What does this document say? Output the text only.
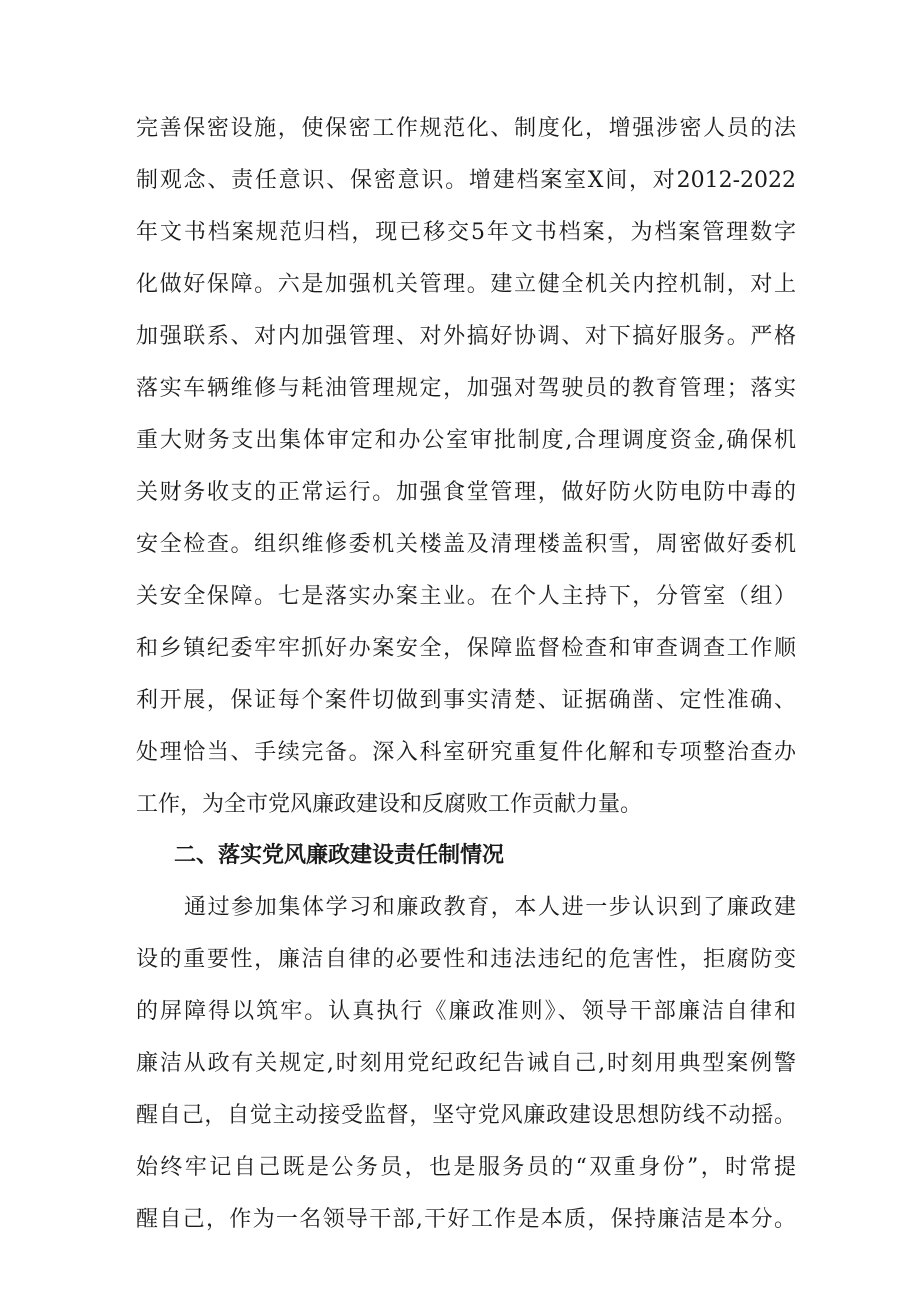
完善保密设施，使保密工作规范化、制度化，增强涉密人员的法

制观念、责任意识、保密意识。增建档案室X间，对2012-2022

年文书档案规范归档，现已移交5年文书档案，为档案管理数字

化做好保障。六是加强机关管理。建立健全机关内控机制，对上

加强联系、对内加强管理、对外搞好协调、对下搞好服务。严格

落实车辆维修与耗油管理规定，加强对驾驶员的教育管理；落实

重大财务支出集体审定和办公室审批制度,合理调度资金,确保机

关财务收支的正常运行。加强食堂管理，做好防火防电防中毒的

安全检查。组织维修委机关楼盖及清理楼盖积雪，周密做好委机

关安全保障。七是落实办案主业。在个人主持下，分管室（组）

和乡镇纪委牢牢抓好办案安全，保障监督检查和审查调查工作顺

利开展，保证每个案件切做到事实清楚、证据确凿、定性准确、

处理恰当、手续完备。深入科室研究重复件化解和专项整治查办

工作，为全市党风廉政建设和反腐败工作贡献力量。

二、落实党风廉政建设责任制情况

通过参加集体学习和廉政教育，本人进一步认识到了廉政建

设的重要性，廉洁自律的必要性和违法违纪的危害性，拒腐防变

的屏障得以筑牢。认真执行《廉政准则》、领导干部廉洁自律和

廉洁从政有关规定,时刻用党纪政纪告诫自己,时刻用典型案例警

醒自己，自觉主动接受监督，坚守党风廉政建设思想防线不动摇。

始终牢记自己既是公务员，也是服务员的“双重身份”，时常提

醒自己，作为一名领导干部,干好工作是本质，保持廉洁是本分。
